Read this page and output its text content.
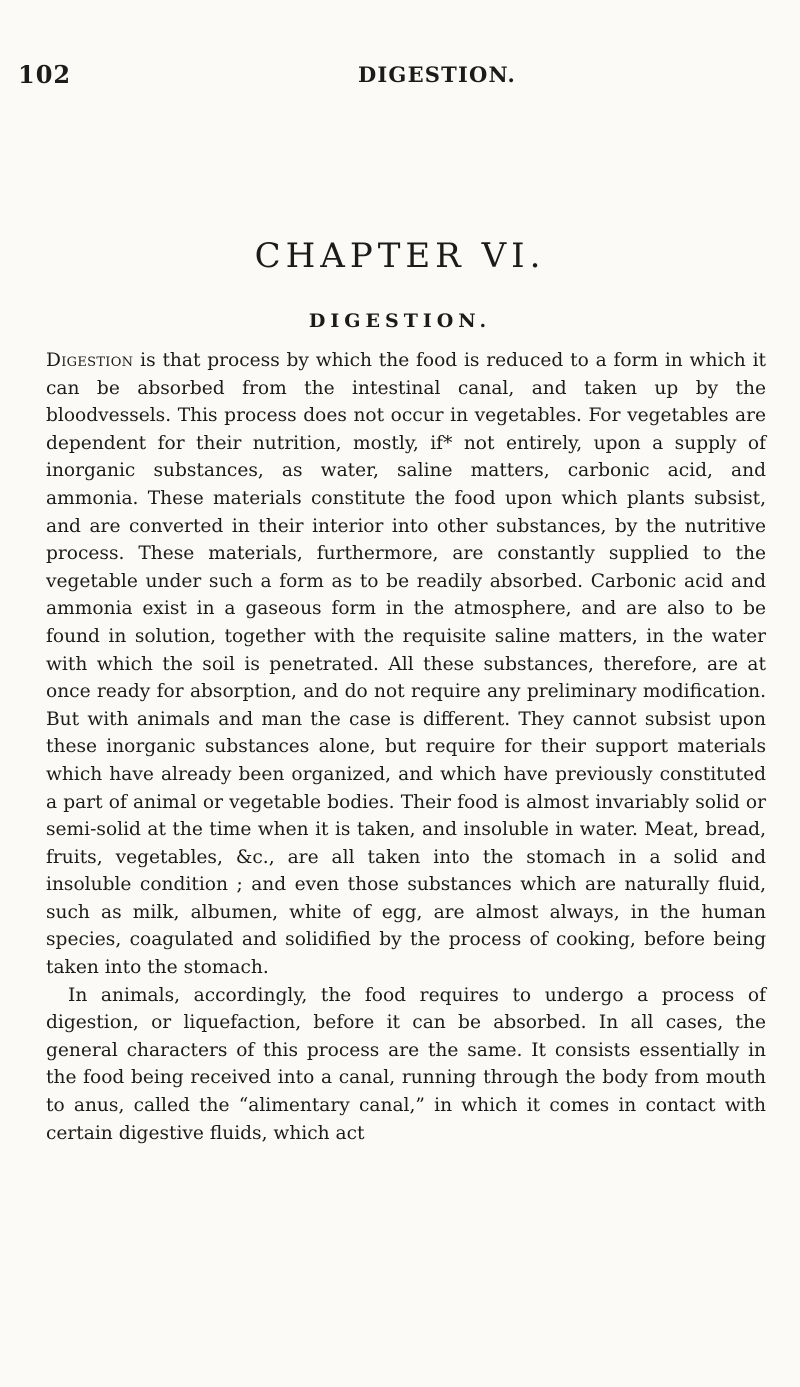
102	DIGESTION.
CHAPTER VI.
DIGESTION.

Digestion is that process by which the food is reduced to a form in which it can be absorbed from the intestinal canal, and taken up by the bloodvessels. This process does not occur in vegetables. For vegetables are dependent for their nutrition, mostly, if* not entirely, upon a supply of inorganic substances, as water, saline matters, carbonic acid, and ammonia. These materials constitute the food upon which plants subsist, and are converted in their interior into other substances, by the nutritive process. These materials, furthermore, are constantly supplied to the vegetable under such a form as to be readily absorbed. Carbonic acid and ammonia exist in a gaseous form in the atmosphere, and are also to be found in solution, together with the requisite saline matters, in the water with which the soil is penetrated. All these substances, therefore, are at once ready for absorption, and do not require any preliminary modification. But with animals and man the case is different. They cannot subsist upon these inorganic substances alone, but require for their support materials which have already been organized, and which have previously constituted a part of animal or vegetable bodies. Their food is almost invariably solid or semi-solid at the time when it is taken, and insoluble in water. Meat, bread, fruits, vegetables, &c., are all taken into the stomach in a solid and insoluble condition ; and even those substances which are naturally fluid, such as milk, albumen, white of egg, are almost always, in the human species, coagulated and solidified by the process of cooking, before being taken into the stomach.

In animals, accordingly, the food requires to undergo a process of digestion, or liquefaction, before it can be absorbed. In all cases, the general characters of this process are the same. It consists essentially in the food being received into a canal, running through the body from mouth to anus, called the “alimentary canal,” in which it comes in contact with certain digestive fluids, which act
